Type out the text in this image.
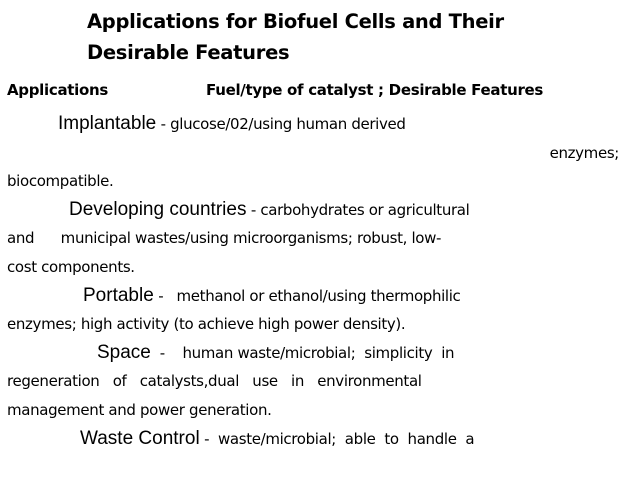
Applications for Biofuel Cells and Their
Desirable Features
Applications	Fuel/type of catalyst ; Desirable Features
Implantable - glucose/02/using human derived
enzymes;
biocompatible.
Developing countries - carbohydrates or agricultural
and      municipal wastes/using microorganisms; robust, low-
cost components.
Portable -   methanol or ethanol/using thermophilic
enzymes; high activity (to achieve high power density).
Space  -    human waste/microbial;  simplicity  in
regeneration   of   catalysts,dual   use   in   environmental
management and power generation.
Waste Control -  waste/microbial;  able  to  handle  a
